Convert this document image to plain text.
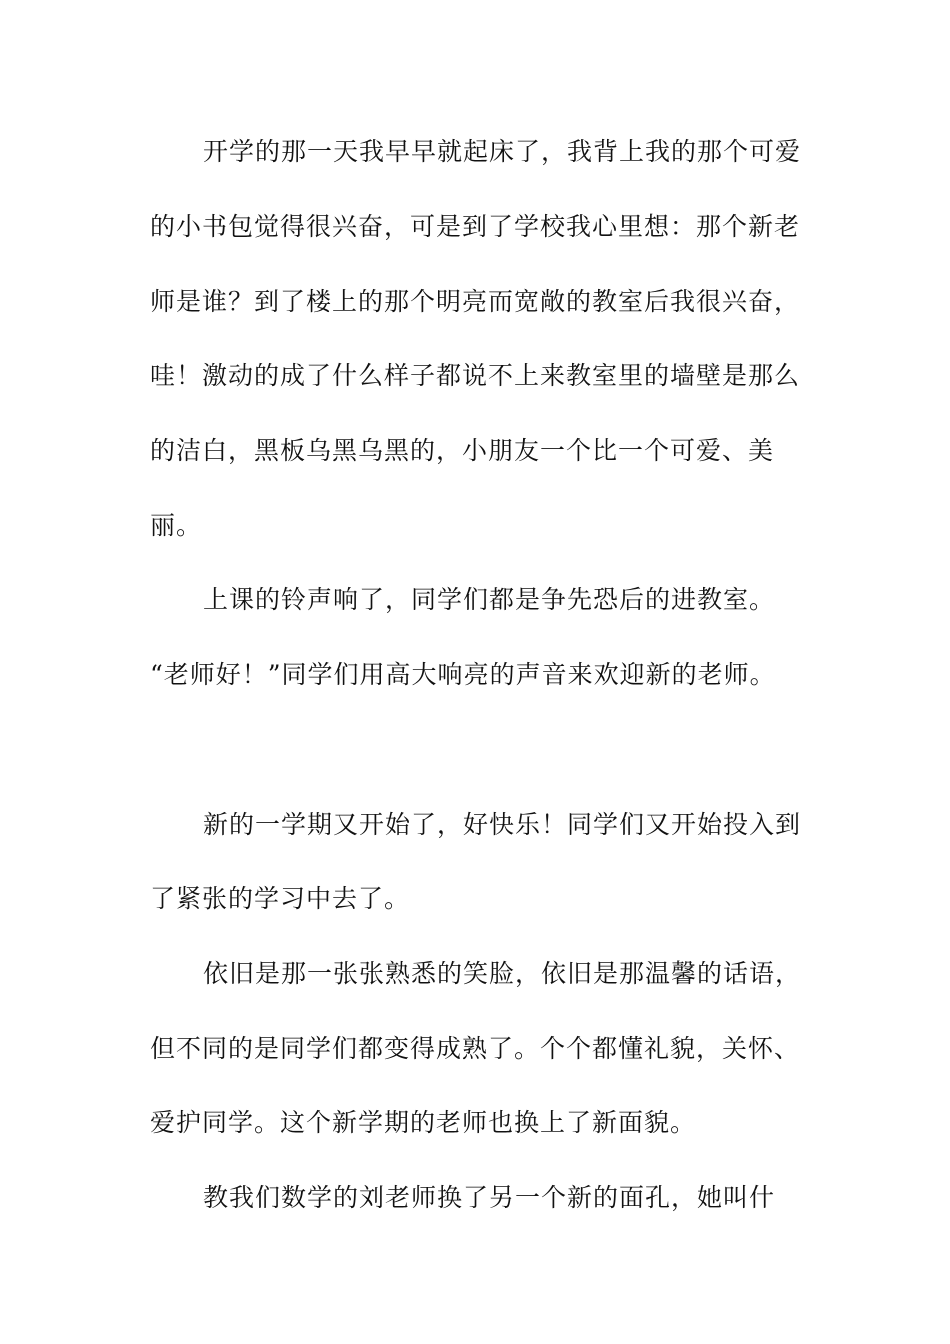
开学的那一天我早早就起床了，我背上我的那个可爱
的小书包觉得很兴奋，可是到了学校我心里想：那个新老
师是谁？到了楼上的那个明亮而宽敞的教室后我很兴奋，
哇！激动的成了什么样子都说不上来教室里的墙壁是那么
的洁白，黑板乌黑乌黑的，小朋友一个比一个可爱、美
丽。
上课的铃声响了，同学们都是争先恐后的进教室。
“老师好！”同学们用高大响亮的声音来欢迎新的老师。
新的一学期又开始了，好快乐！同学们又开始投入到
了紧张的学习中去了。
依旧是那一张张熟悉的笑脸，依旧是那温馨的话语，
但不同的是同学们都变得成熟了。个个都懂礼貌，关怀、
爱护同学。这个新学期的老师也换上了新面貌。
教我们数学的刘老师换了另一个新的面孔，她叫什
